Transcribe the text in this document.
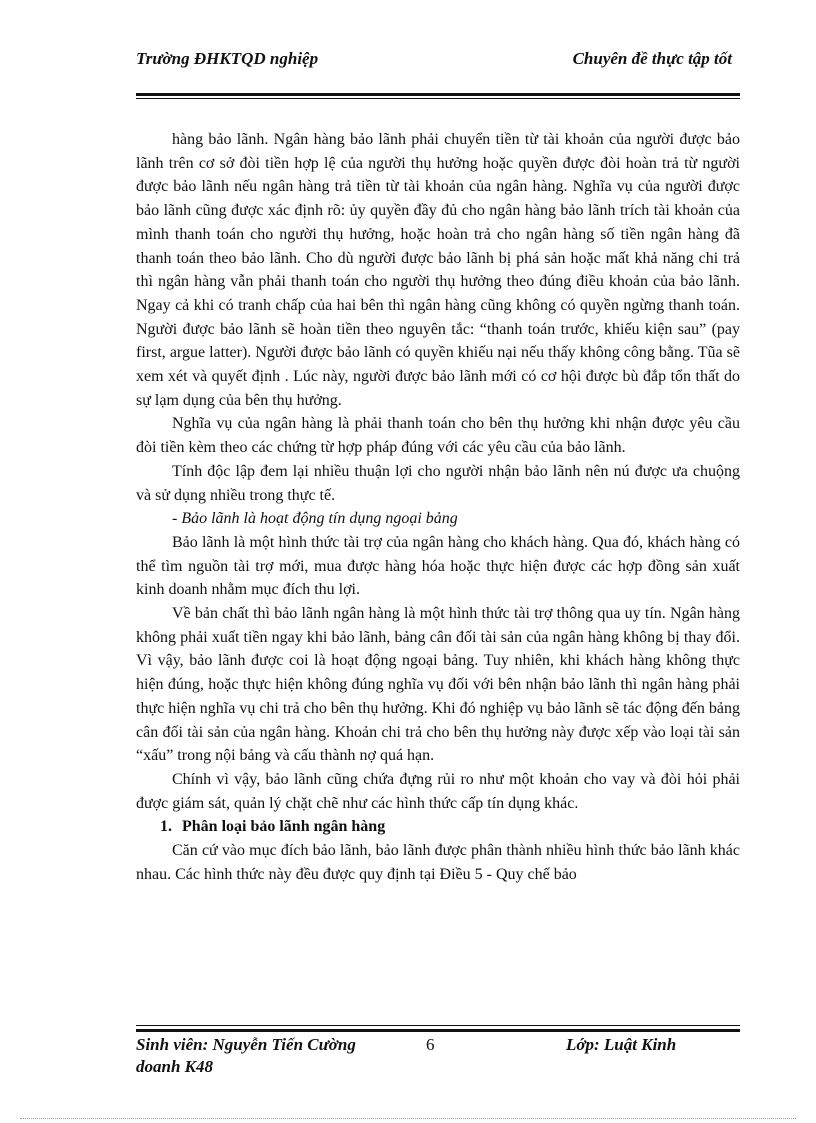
Trường ĐHKTQD nghiệp	Chuyên đề thực tập tốt

hàng bảo lãnh. Ngân hàng bảo lãnh phải chuyển tiền từ tài khoản của người được bảo lãnh trên cơ sở đòi tiền hợp lệ của người thụ hưởng hoặc quyền được đòi hoàn trả từ người được bảo lãnh nếu ngân hàng trả tiền từ tài khoản của ngân hàng. Nghĩa vụ của người được bảo lãnh cũng được xác định rõ: ủy quyền đầy đủ cho ngân hàng bảo lãnh trích tài khoản của mình thanh toán cho người thụ hưởng, hoặc hoàn trả cho ngân hàng số tiền ngân hàng đã thanh toán theo bảo lãnh. Cho dù người được bảo lãnh bị phá sản hoặc mất khả năng chi trả thì ngân hàng vẫn phải thanh toán cho người thụ hưởng theo đúng điều khoản của bảo lãnh. Ngay cả khi có tranh chấp của hai bên thì ngân hàng cũng không có quyền ngừng thanh toán. Người được bảo lãnh sẽ hoàn tiền theo nguyên tắc: “thanh toán trước, khiếu kiện sau” (pay first, argue latter). Người được bảo lãnh có quyền khiếu nại nếu thấy không công bằng. Tũa sẽ xem xét và quyết định . Lúc này, người được bảo lãnh mới có cơ hội được bù đắp tổn thất do sự lạm dụng của bên thụ hưởng.

Nghĩa vụ của ngân hàng là phải thanh toán cho bên thụ hưởng khi nhận được yêu cầu đòi tiền kèm theo các chứng từ hợp pháp đúng với các yêu cầu của bảo lãnh.

Tính độc lập đem lại nhiều thuận lợi cho người nhận bảo lãnh nên nú được ưa chuộng và sử dụng nhiều trong thực tế.

- Bảo lãnh là hoạt động tín dụng ngoại bảng

Bảo lãnh là một hình thức tài trợ của ngân hàng cho khách hàng. Qua đó, khách hàng có thể tìm nguồn tài trợ mới, mua được hàng hóa hoặc thực hiện được các hợp đồng sản xuất kinh doanh nhằm mục đích thu lợi.

Về bản chất thì bảo lãnh ngân hàng là một hình thức tài trợ thông qua uy tín. Ngân hàng không phải xuất tiền ngay khi bảo lãnh, bảng cân đối tài sản của ngân hàng không bị thay đổi. Vì vậy, bảo lãnh được coi là hoạt động ngoại bảng. Tuy nhiên, khi khách hàng không thực hiện đúng, hoặc thực hiện không đúng nghĩa vụ đối với bên nhận bảo lãnh thì ngân hàng phải thực hiện nghĩa vụ chi trả cho bên thụ hưởng. Khi đó nghiệp vụ bảo lãnh sẽ tác động đến bảng cân đối tài sản của ngân hàng. Khoản chi trả cho bên thụ hưởng này được xếp vào loại tài sản “xấu” trong nội bảng và cấu thành nợ quá hạn.

Chính vì vậy, bảo lãnh cũng chứa đựng rủi ro như một khoản cho vay và đòi hỏi phải được giám sát, quản lý chặt chẽ như các hình thức cấp tín dụng khác.

1. Phân loại bảo lãnh ngân hàng

Căn cứ vào mục đích bảo lãnh, bảo lãnh được phân thành nhiều hình thức bảo lãnh khác nhau. Các hình thức này đều được quy định tại Điều 5 - Quy chế bảo

Sinh viên: Nguyễn Tiến Cường doanh K48
6	Lớp: Luật Kinh
